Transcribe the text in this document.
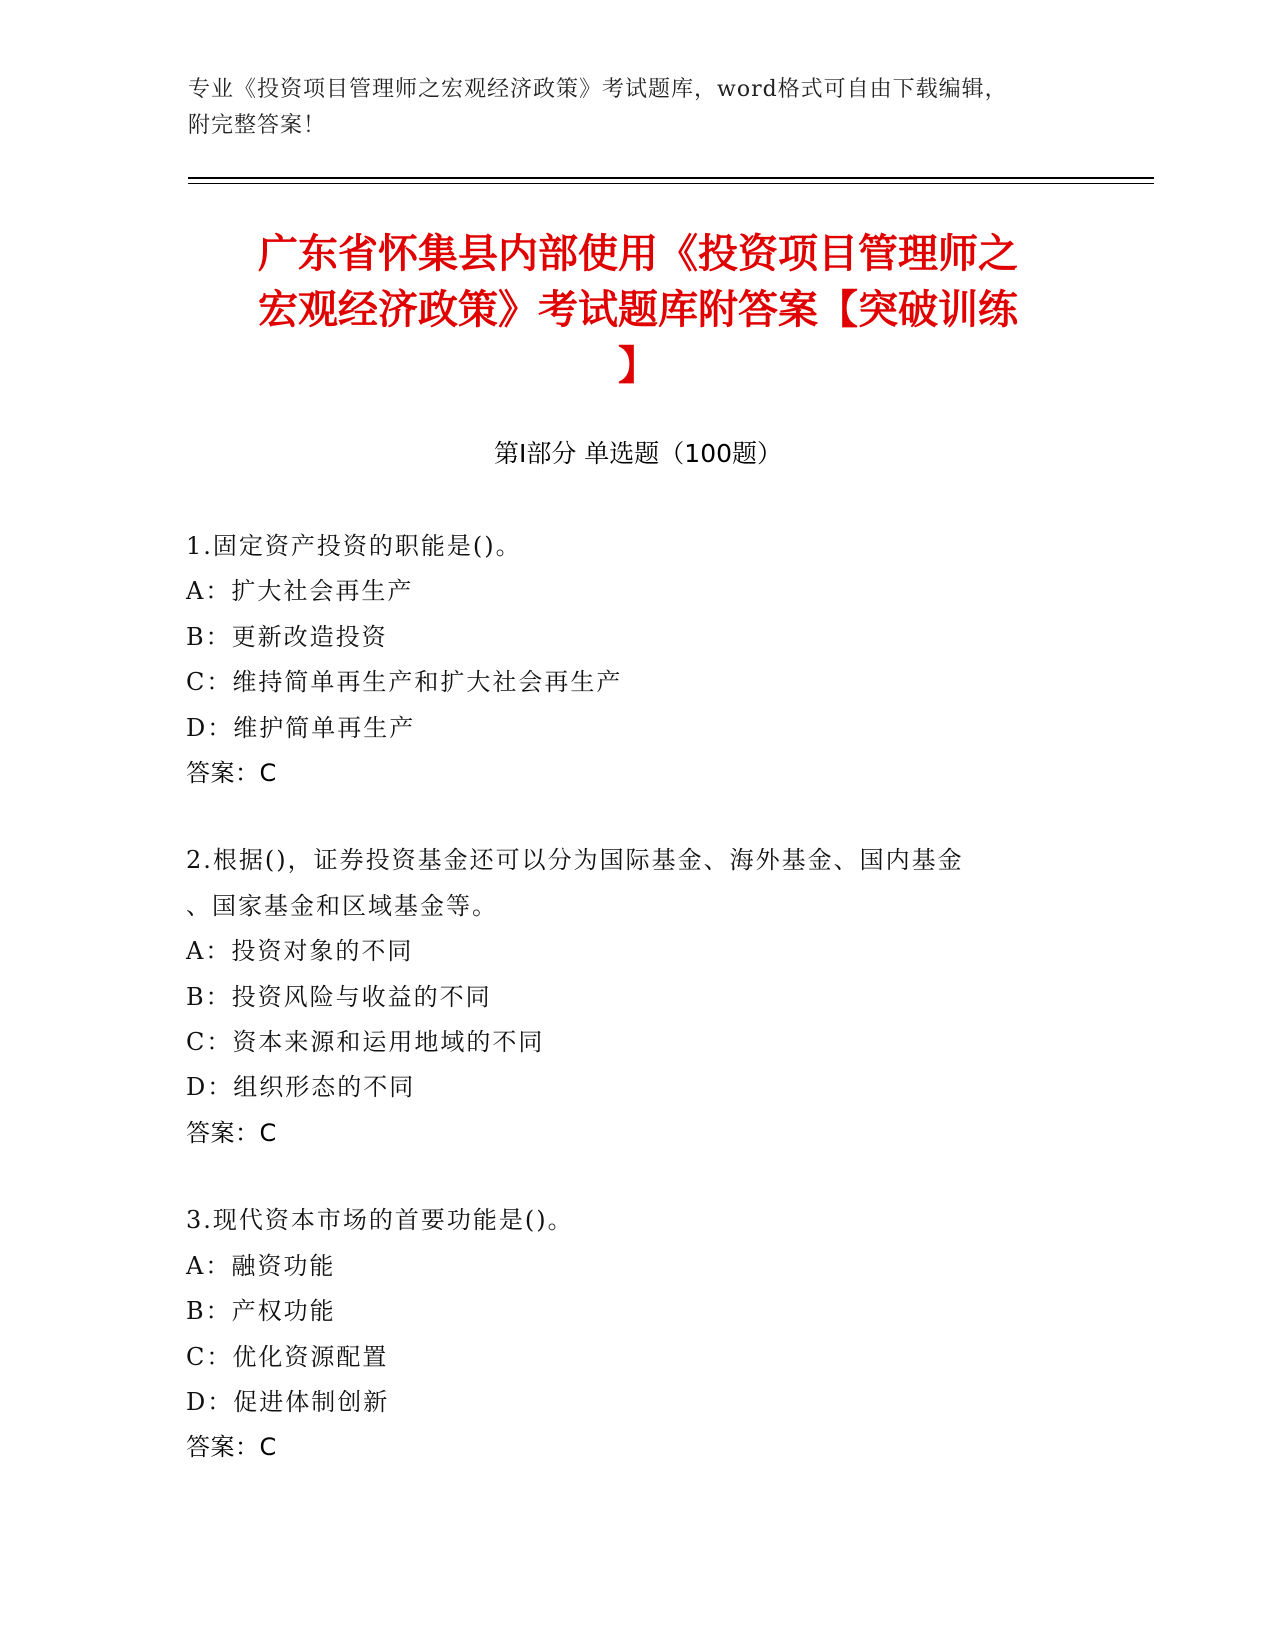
专业《投资项目管理师之宏观经济政策》考试题库，word格式可自由下载编辑，
附完整答案！
广东省怀集县内部使用《投资项目管理师之
宏观经济政策》考试题库附答案【突破训练
】
第Ⅰ部分 单选题（100题）
1.固定资产投资的职能是()。
A：扩大社会再生产
B：更新改造投资
C：维持简单再生产和扩大社会再生产
D：维护简单再生产
答案：C
2.根据()，证券投资基金还可以分为国际基金、海外基金、国内基金
、国家基金和区域基金等。
A：投资对象的不同
B：投资风险与收益的不同
C：资本来源和运用地域的不同
D：组织形态的不同
答案：C
3.现代资本市场的首要功能是()。
A：融资功能
B：产权功能
C：优化资源配置
D：促进体制创新
答案：C
